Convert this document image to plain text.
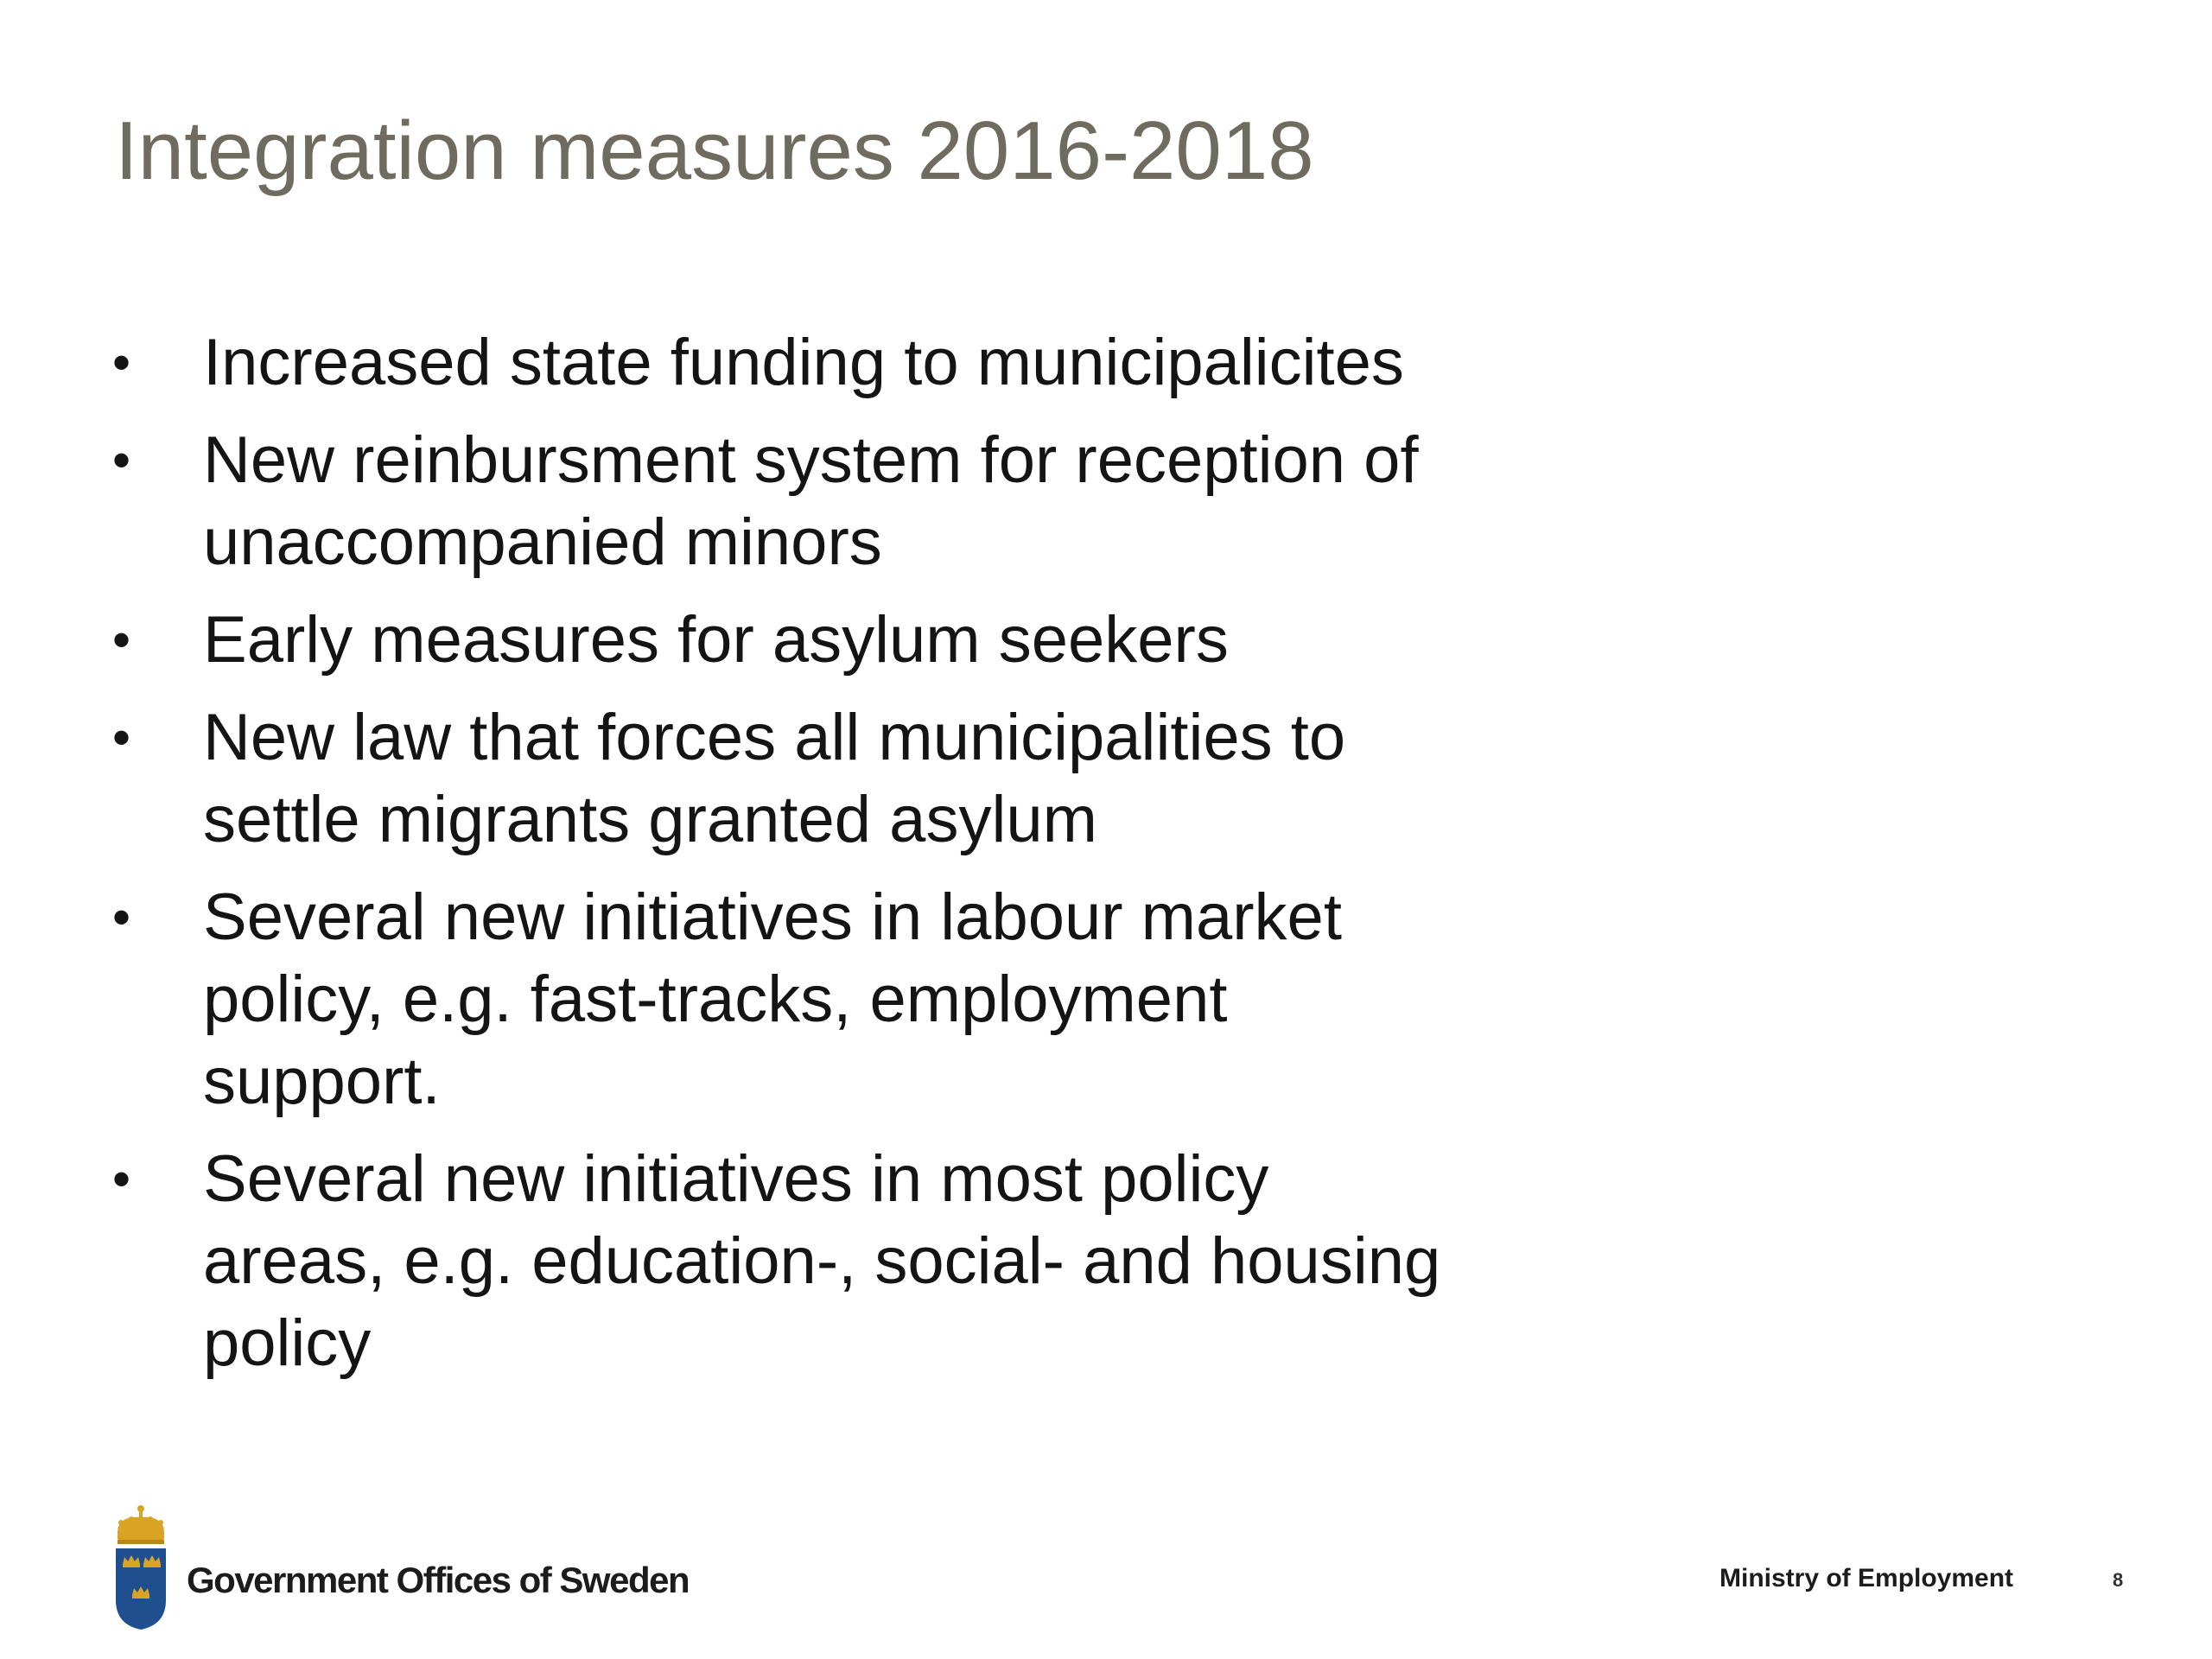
Integration measures 2016-2018
• Increased state funding to municipalicites
• New reinbursment system for reception of unaccompanied minors
• Early measures for asylum seekers
• New law that forces all municipalities to settle migrants granted asylum
• Several new initiatives in labour market policy, e.g. fast-tracks, employment support.
• Several new initiatives in most policy areas, e.g. education-, social- and housing policy
Government Offices of Sweden	Ministry of Employment	8
